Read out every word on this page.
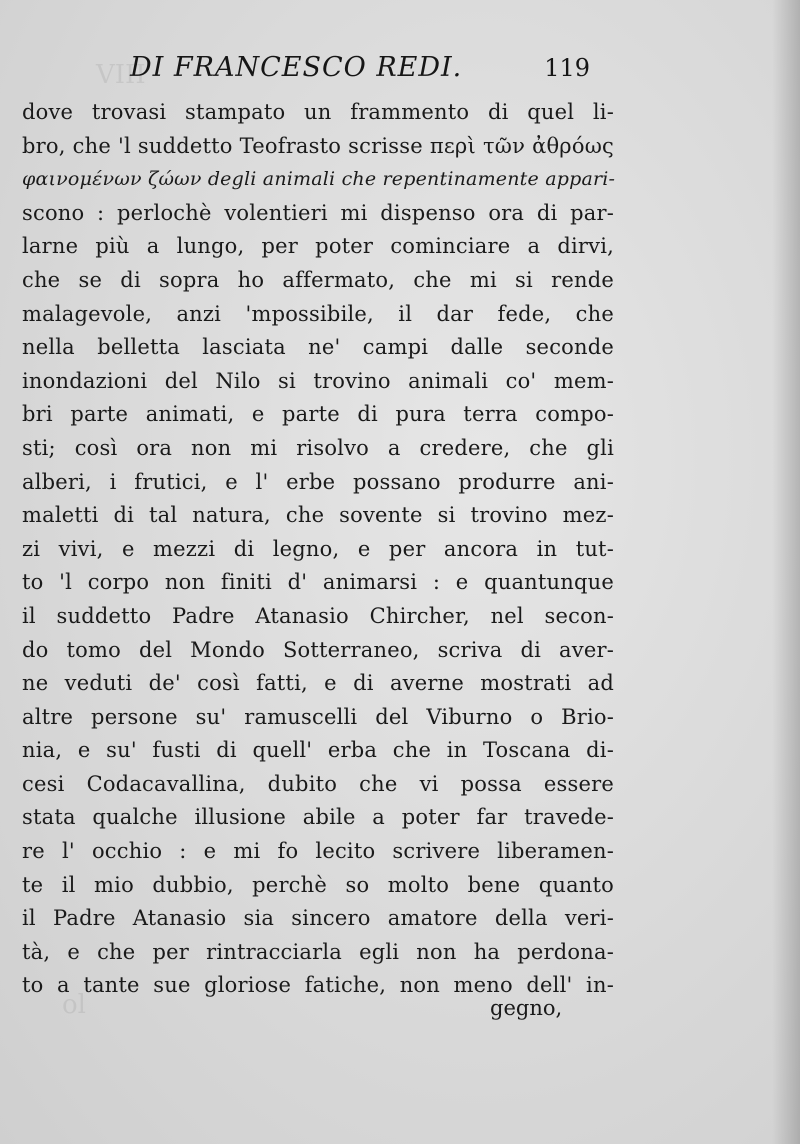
VIII
ol
DI FRANCESCO REDI.	119
dove trovasi stampato un frammento di quel li-
bro, che 'l suddetto Teofrasto scrisse περὶ τῶν ἀθρόως
φαινομένων ζώων degli animali che repentinamente appari-
scono : perlochè volentieri mi dispenso ora di par-
larne più a lungo, per poter cominciare a dirvi,
che se di sopra ho affermato, che mi si rende
malagevole, anzi 'mpossibile, il dar fede, che
nella belletta lasciata ne' campi dalle seconde
inondazioni del Nilo si trovino animali co' mem-
bri parte animati, e parte di pura terra compo-
sti; così ora non mi risolvo a credere, che gli
alberi, i frutici, e l' erbe possano produrre ani-
maletti di tal natura, che sovente si trovino mez-
zi vivi, e mezzi di legno, e per ancora in tut-
to 'l corpo non finiti d' animarsi : e quantunque
il suddetto Padre Atanasio Chircher, nel secon-
do tomo del Mondo Sotterraneo, scriva di aver-
ne veduti de' così fatti, e di averne mostrati ad
altre persone su' ramuscelli del Viburno o Brio-
nia, e su' fusti di quell' erba che in Toscana di-
cesi Codacavallina, dubito che vi possa essere
stata qualche illusione abile a poter far travede-
re l' occhio : e mi fo lecito scrivere liberamen-
te il mio dubbio, perchè so molto bene quanto
il Padre Atanasio sia sincero amatore della veri-
tà, e che per rintracciarla egli non ha perdona-
to a tante sue gloriose fatiche, non meno dell' in-
gegno,
